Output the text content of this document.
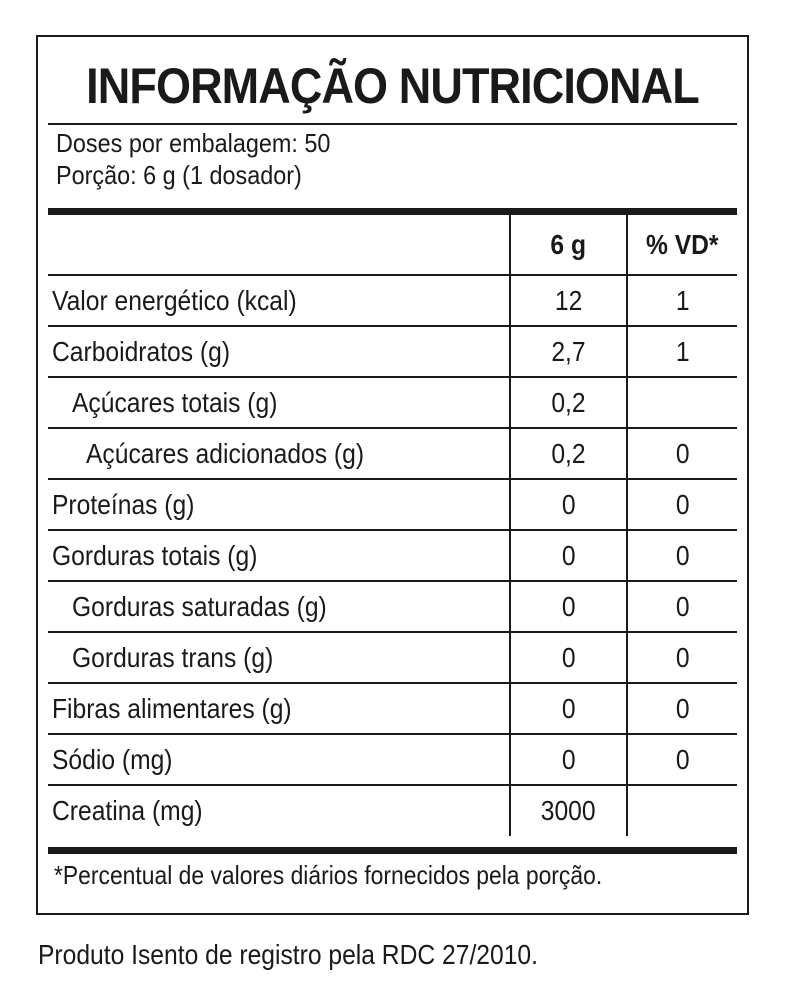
INFORMAÇÃO NUTRICIONAL
Doses por embalagem: 50
Porção: 6 g (1 dosador)
	6 g	% VD*
Valor energético (kcal)	12	1
Carboidratos (g)	2,7	1
Açúcares totais (g)	0,2	
Açúcares adicionados (g)	0,2	0
Proteínas (g)	0	0
Gorduras totais (g)	0	0
Gorduras saturadas (g)	0	0
Gorduras trans (g)	0	0
Fibras alimentares (g)	0	0
Sódio (mg)	0	0
Creatina (mg)	3000	
*Percentual de valores diários fornecidos pela porção.
Produto Isento de registro pela RDC 27/2010.
